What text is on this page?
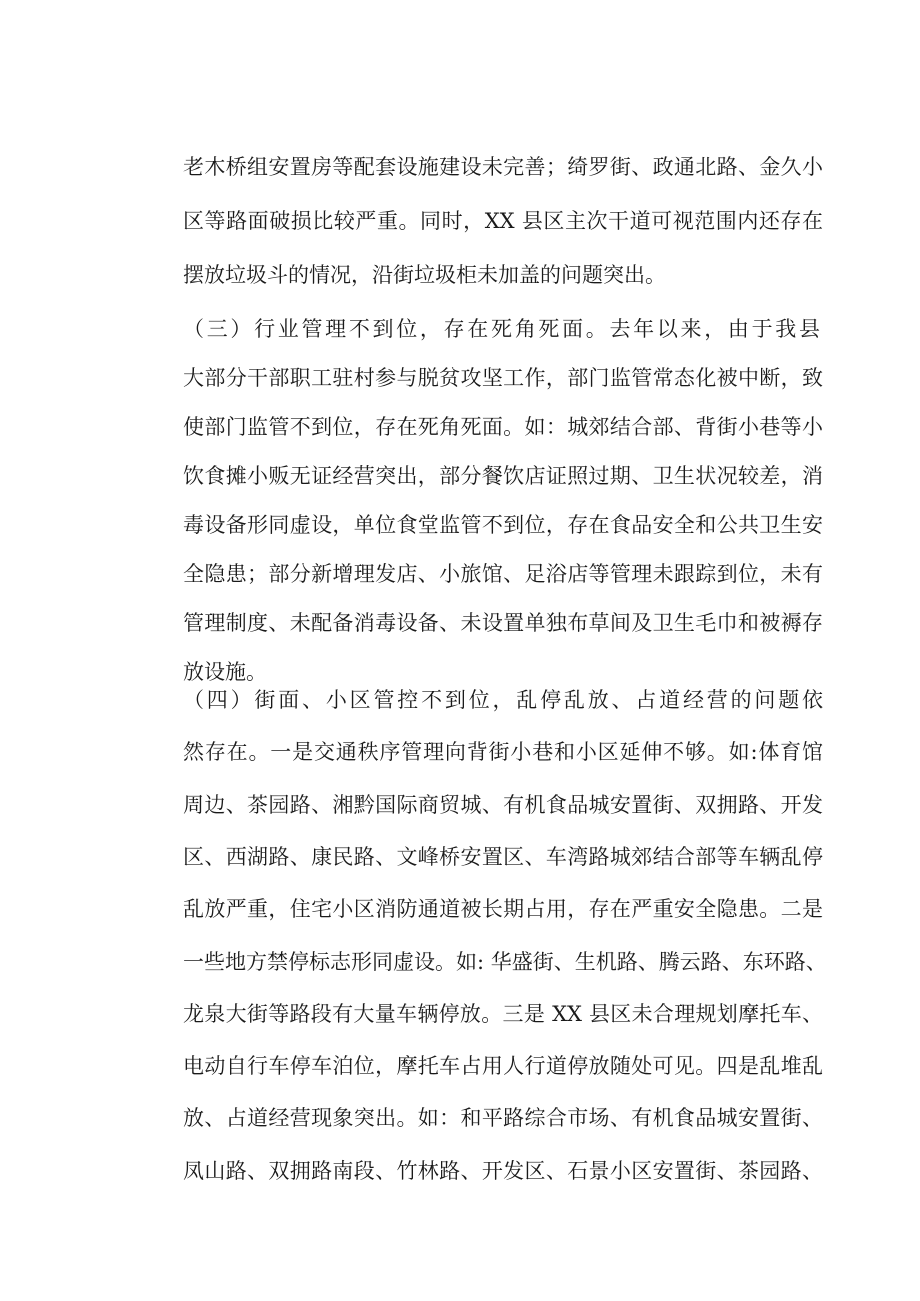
老木桥组安置房等配套设施建设未完善；绮罗街、政通北路、金久小
区等路面破损比较严重。同时，XX 县区主次干道可视范围内还存在
摆放垃圾斗的情况，沿街垃圾柜未加盖的问题突出。
（三）行业管理不到位，存在死角死面。去年以来，由于我县
大部分干部职工驻村参与脱贫攻坚工作，部门监管常态化被中断，致
使部门监管不到位，存在死角死面。如：城郊结合部、背街小巷等小
饮食摊小贩无证经营突出，部分餐饮店证照过期、卫生状况较差，消
毒设备形同虚设，单位食堂监管不到位，存在食品安全和公共卫生安
全隐患；部分新增理发店、小旅馆、足浴店等管理未跟踪到位，未有
管理制度、未配备消毒设备、未设置单独布草间及卫生毛巾和被褥存
放设施。
（四）街面、小区管控不到位，乱停乱放、占道经营的问题依
然存在。一是交通秩序管理向背街小巷和小区延伸不够。如:体育馆
周边、茶园路、湘黔国际商贸城、有机食品城安置街、双拥路、开发
区、西湖路、康民路、文峰桥安置区、车湾路城郊结合部等车辆乱停
乱放严重，住宅小区消防通道被长期占用，存在严重安全隐患。二是
一些地方禁停标志形同虚设。如: 华盛街、生机路、腾云路、东环路、
龙泉大街等路段有大量车辆停放。三是 XX 县区未合理规划摩托车、
电动自行车停车泊位，摩托车占用人行道停放随处可见。四是乱堆乱
放、占道经营现象突出。如：和平路综合市场、有机食品城安置街、
凤山路、双拥路南段、竹林路、开发区、石景小区安置街、茶园路、
